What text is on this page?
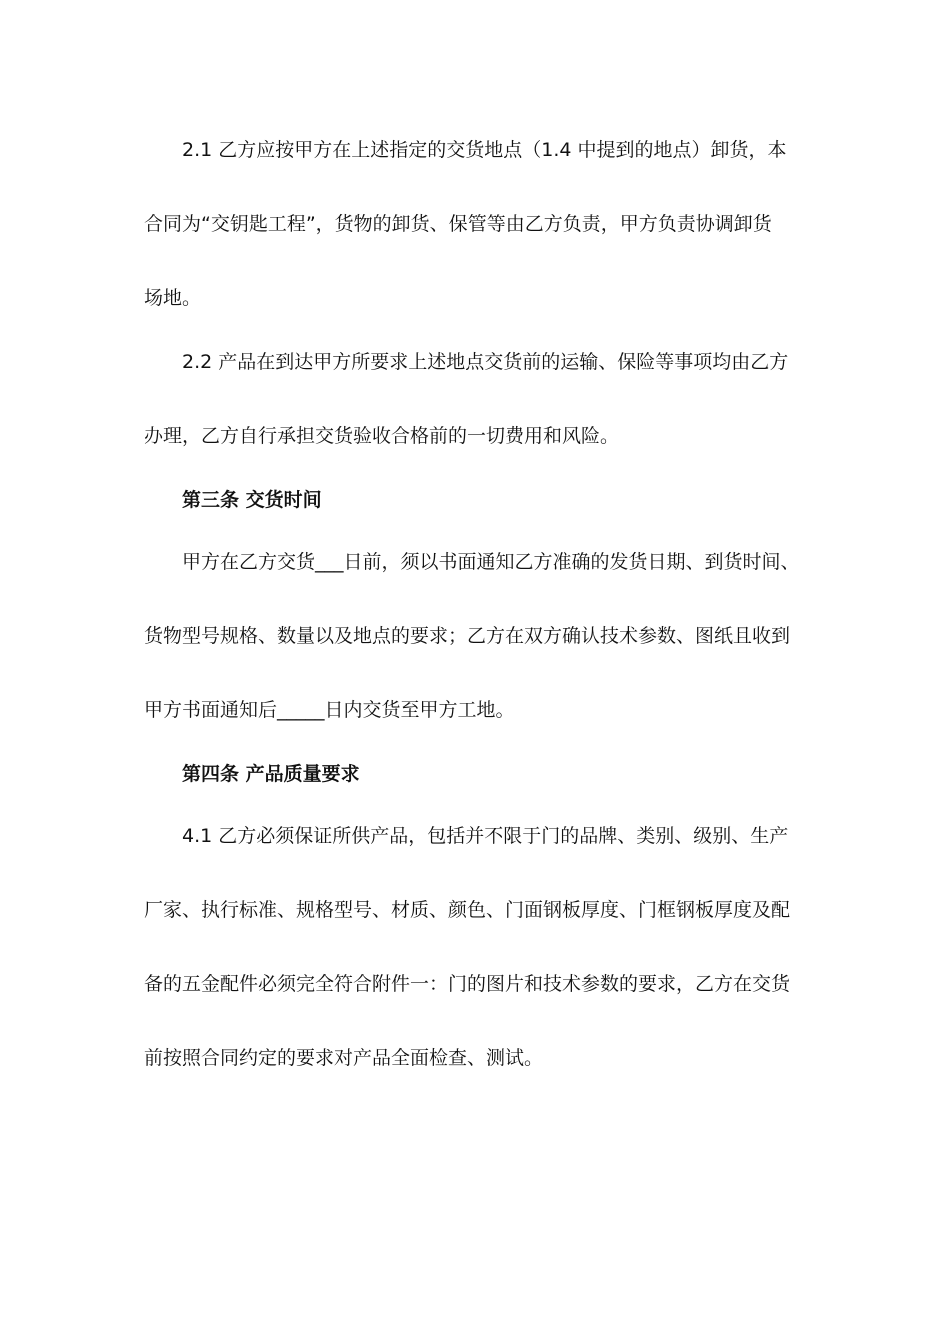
2.1 乙方应按甲方在上述指定的交货地点（1.4 中提到的地点）卸货，本
合同为“交钥匙工程”，货物的卸货、保管等由乙方负责，甲方负责协调卸货
场地。
2.2 产品在到达甲方所要求上述地点交货前的运输、保险等事项均由乙方
办理，乙方自行承担交货验收合格前的一切费用和风险。
第三条 交货时间
甲方在乙方交货___日前，须以书面通知乙方准确的发货日期、到货时间、
货物型号规格、数量以及地点的要求；乙方在双方确认技术参数、图纸且收到
甲方书面通知后_____日内交货至甲方工地。
第四条 产品质量要求
4.1 乙方必须保证所供产品，包括并不限于门的品牌、类别、级别、生产
厂家、执行标准、规格型号、材质、颜色、门面钢板厚度、门框钢板厚度及配
备的五金配件必须完全符合附件一：门的图片和技术参数的要求，乙方在交货
前按照合同约定的要求对产品全面检查、测试。
